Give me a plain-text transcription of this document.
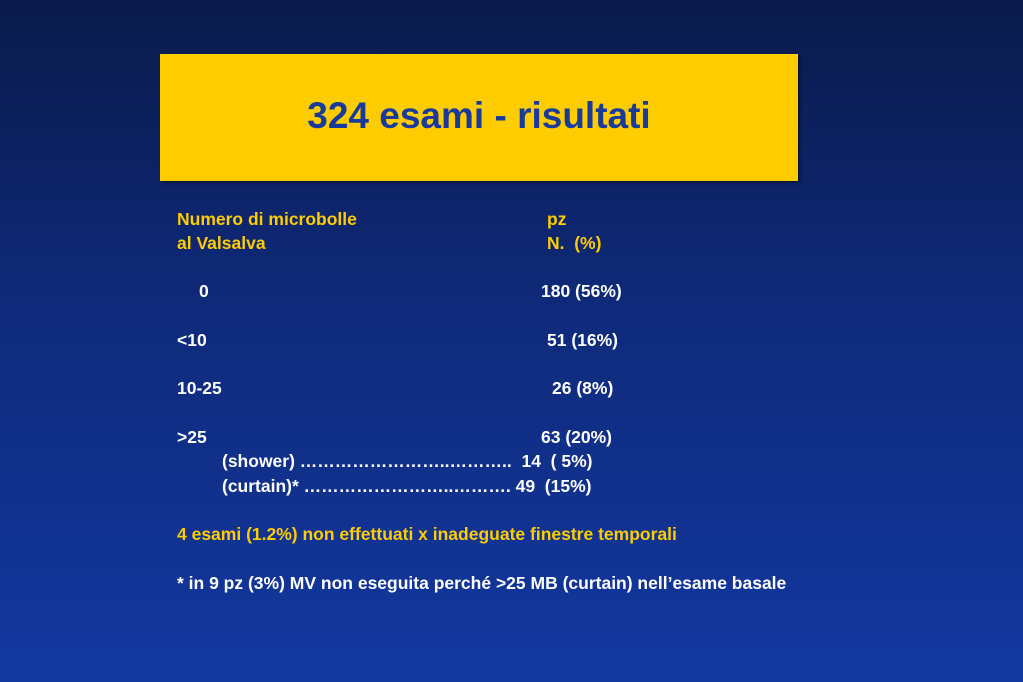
324 esami - risultati
Numero di microbolle
al Valsalva
pz
N.  (%)
0	180 (56%)
<10	51 (16%)
10-25	26 (8%)
>25	63 (20%)
(shower) ……………………..………..  14  ( 5%)
(curtain)* ……………………..………. 49  (15%)
4 esami (1.2%) non effettuati x inadeguate finestre temporali
* in 9 pz (3%) MV non eseguita perché >25 MB (curtain) nell’esame basale
